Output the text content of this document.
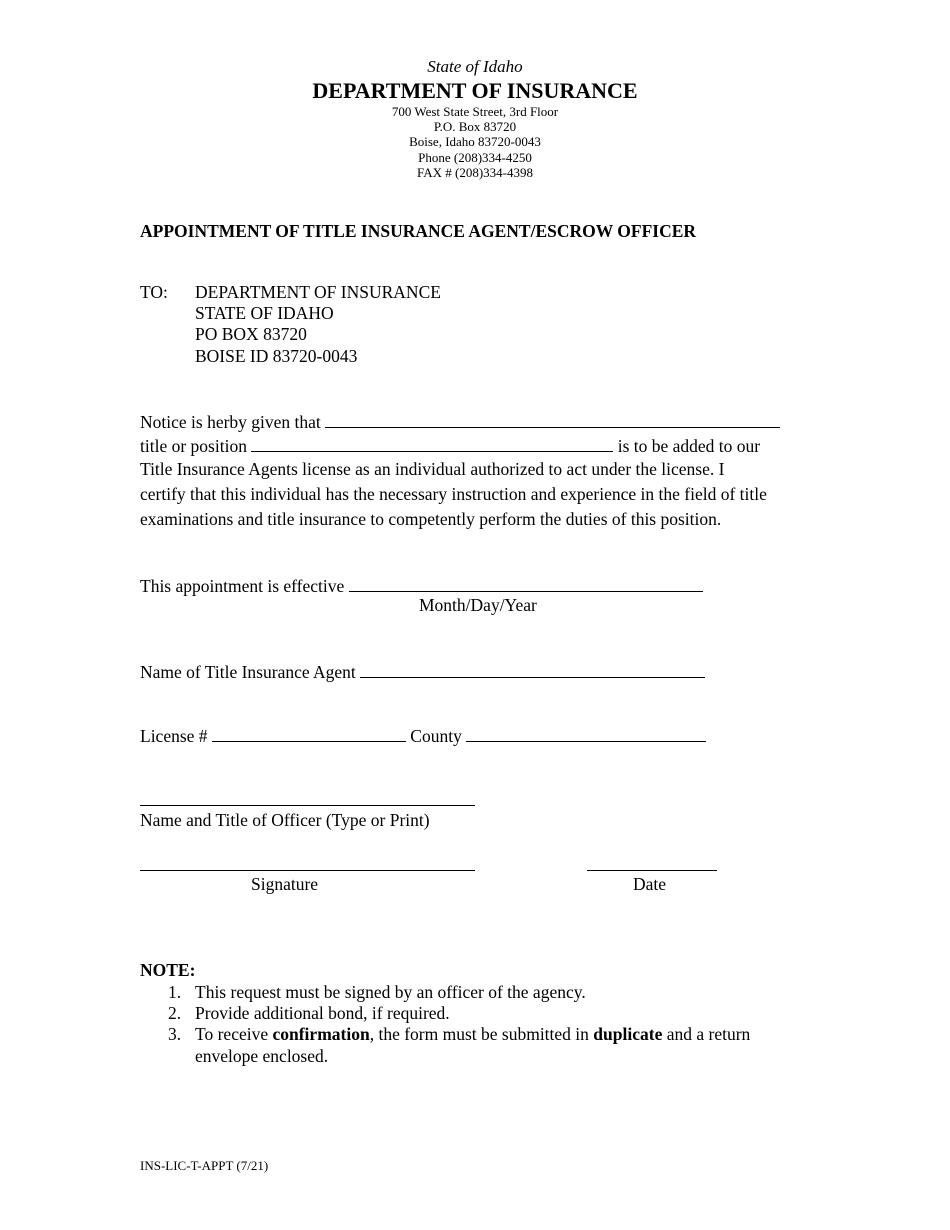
State of Idaho
DEPARTMENT OF INSURANCE
700 West State Street, 3rd Floor
P.O. Box 83720
Boise, Idaho 83720-0043
Phone (208)334-4250
FAX # (208)334-4398
APPOINTMENT OF TITLE INSURANCE AGENT/ESCROW OFFICER
TO: DEPARTMENT OF INSURANCE
STATE OF IDAHO
PO BOX 83720
BOISE ID 83720-0043
Notice is herby given that
title or position	is to be added to our
Title Insurance Agents license as an individual authorized to act under the license. I
certify that this individual has the necessary instruction and experience in the field of title
examinations and title insurance to competently perform the duties of this position.
This appointment is effective
Month/Day/Year
Name of Title Insurance Agent
License #	County
Name and Title of Officer (Type or Print)
Signature	Date
NOTE:
1. This request must be signed by an officer of the agency.
2. Provide additional bond, if required.
3. To receive confirmation, the form must be submitted in duplicate and a return
envelope enclosed.
INS-LIC-T-APPT (7/21)
